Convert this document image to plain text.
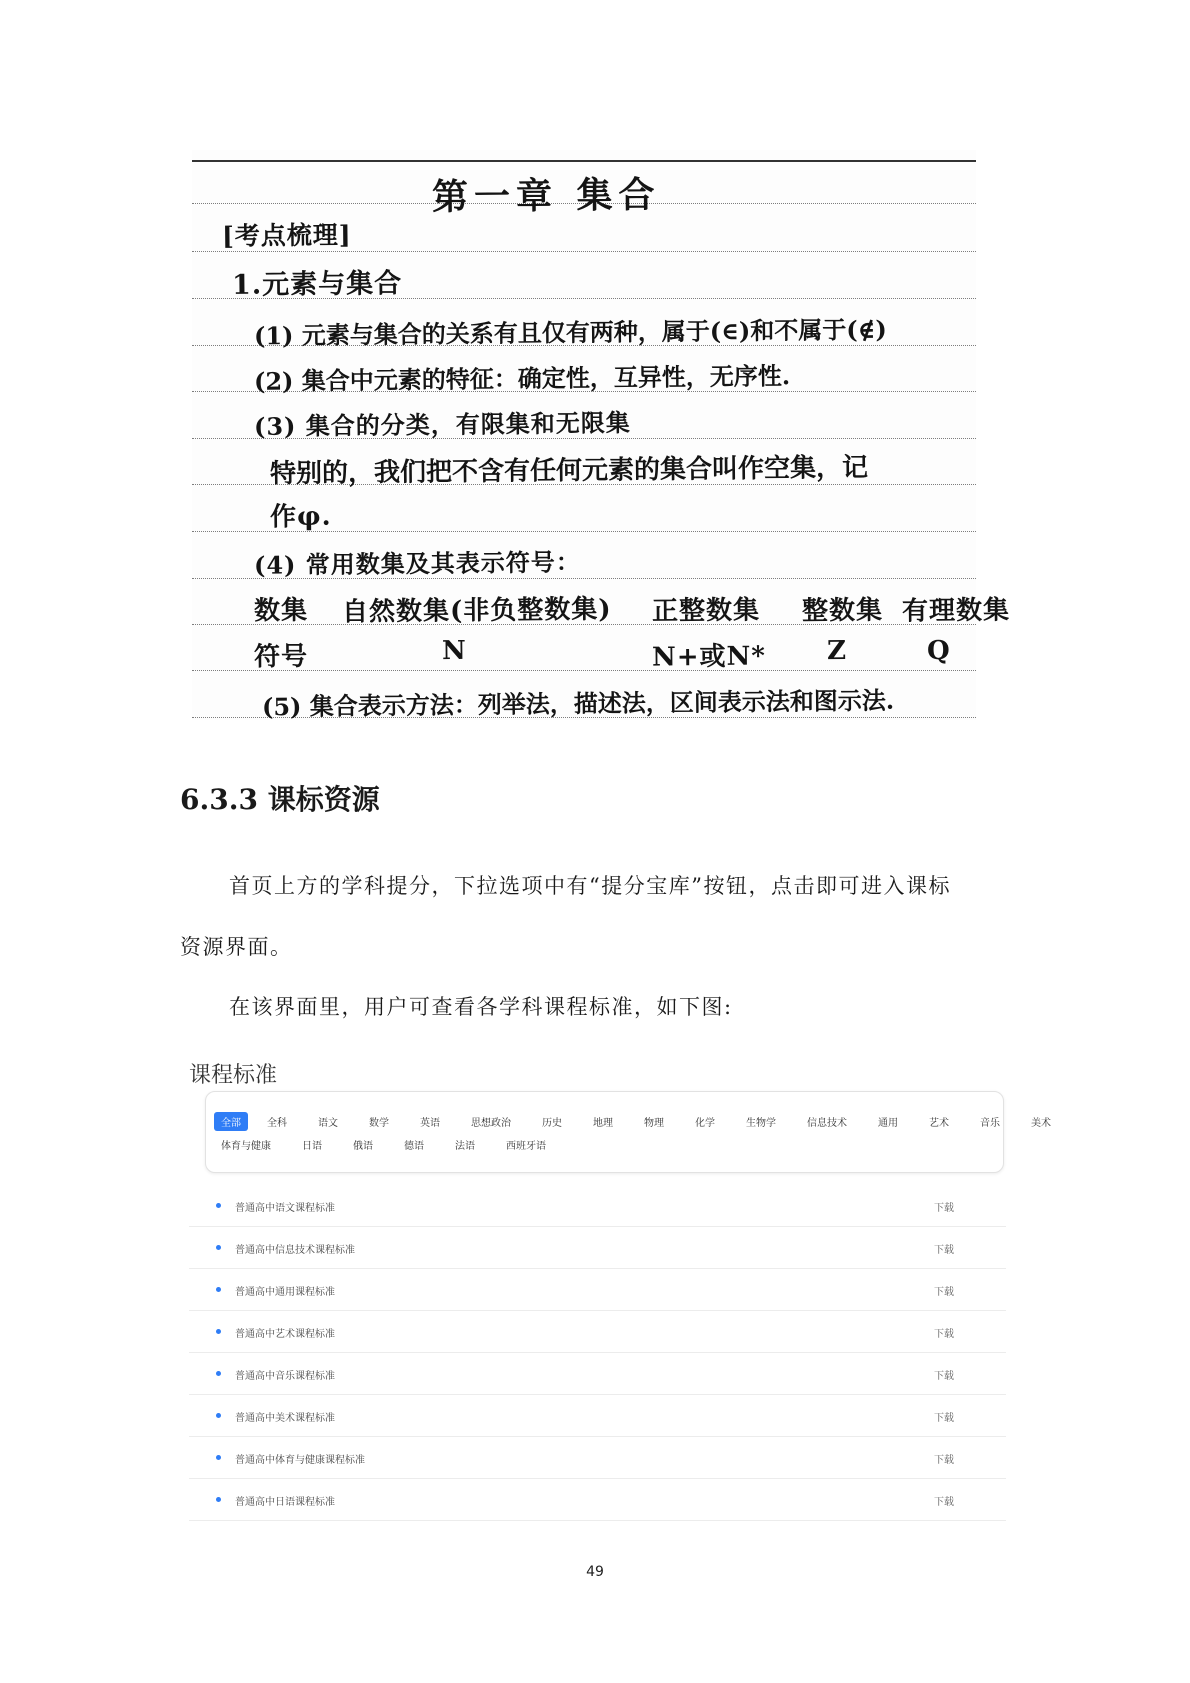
第一章 集合
[考点梳理]
1.元素与集合
(1) 元素与集合的关系有且仅有两种，属于(∈)和不属于(∉)
(2) 集合中元素的特征：确定性，互异性，无序性.
(3) 集合的分类，有限集和无限集
特别的，我们把不含有任何元素的集合叫作空集，记
作φ.
(4) 常用数集及其表示符号：
数集 自然数集(非负整数集) 正整数集 整数集 有理数集
符号	N	N+或N* Z	Q
(5) 集合表示方法：列举法，描述法，区间表示法和图示法.
6.3.3 课标资源
首页上方的学科提分，下拉选项中有“提分宝库”按钮，点击即可进入课标
资源界面。
在该界面里，用户可查看各学科课程标准，如下图:
课程标准
全部	全科	语文	数学	英语	思想政治	历史	地理	物理	化学	生物学	信息技术	通用	艺术	音乐	美术
体育与健康	日语	俄语	德语	法语	西班牙语
普通高中语文课程标准	下载
普通高中信息技术课程标准	下载
普通高中通用课程标准	下载
普通高中艺术课程标准	下载
普通高中音乐课程标准	下载
普通高中美术课程标准	下载
普通高中体育与健康课程标准	下载
普通高中日语课程标准	下载
49
